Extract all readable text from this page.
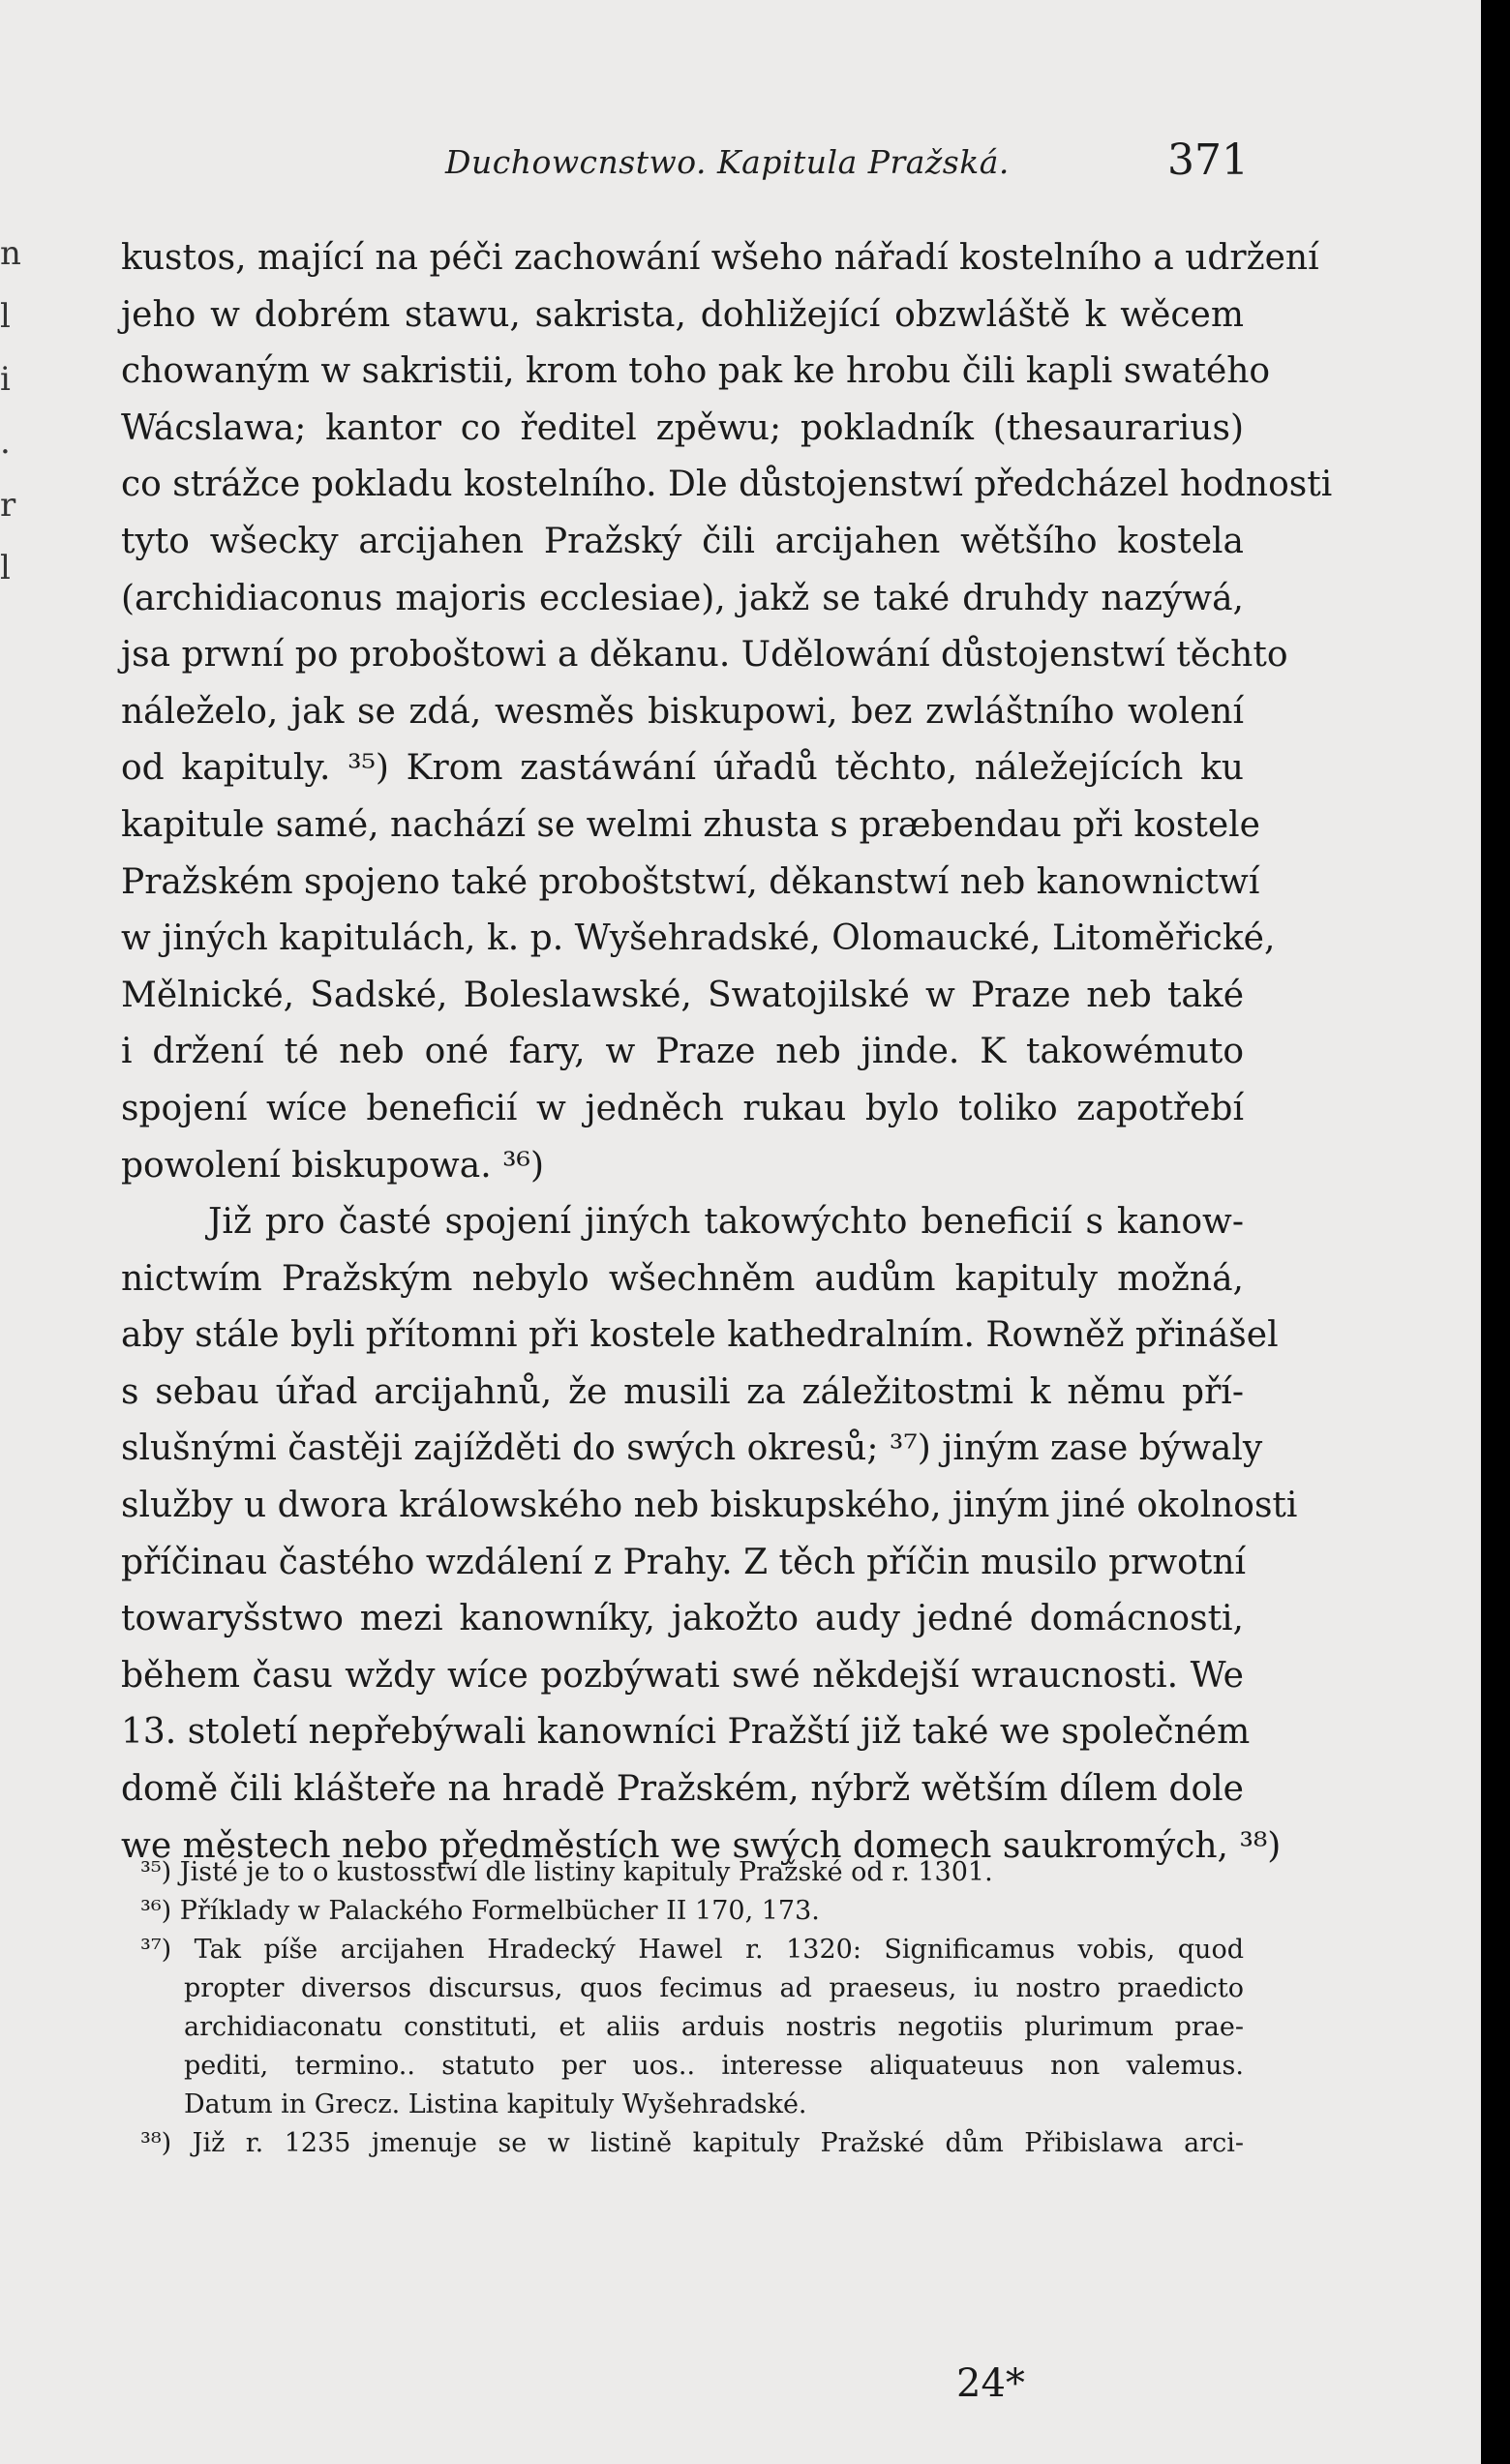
n
l
i
.
r
l
Duchowcnstwo. Kapitula Pražská.	371
kustos, mající na péči zachowání wšeho nářadí kostelního a udržení
jeho w dobrém stawu, sakrista, dohližející obzwláště k wěcem
chowaným w sakristii, krom toho pak ke hrobu čili kapli swatého
Wácslawa; kantor co ředitel zpěwu; pokladník (thesaurarius)
co strážce pokladu kostelního. Dle důstojenstwí předcházel hodnosti
tyto wšecky arcijahen Pražský čili arcijahen wětšího kostela
(archidiaconus majoris ecclesiae), jakž se také druhdy nazýwá,
jsa prwní po proboštowi a děkanu. Udělowání důstojenstwí těchto
náleželo, jak se zdá, wesměs biskupowi, bez zwláštního wolení
od kapituly. ³⁵) Krom zastáwání úřadů těchto, náležejících ku
kapitule samé, nachází se welmi zhusta s præbendau při kostele
Pražském spojeno také proboštstwí, děkanstwí neb kanownictwí
w jiných kapitulách, k. p. Wyšehradské, Olomaucké, Litoměřické,
Mělnické, Sadské, Boleslawské, Swatojilské w Praze neb také
i držení té neb oné fary, w Praze neb jinde. K takowémuto
spojení wíce beneficií w jedněch rukau bylo toliko zapotřebí
powolení biskupowa. ³⁶)
Již pro časté spojení jiných takowýchto beneficií s kanow-
nictwím Pražským nebylo wšechněm audům kapituly možná,
aby stále byli přítomni při kostele kathedralním. Rowněž přinášel
s sebau úřad arcijahnů, že musili za záležitostmi k němu pří-
slušnými častěji zajížděti do swých okresů; ³⁷) jiným zase býwaly
služby u dwora králowského neb biskupského, jiným jiné okolnosti
příčinau častého wzdálení z Prahy. Z těch příčin musilo prwotní
towaryšstwo mezi kanowníky, jakožto audy jedné domácnosti,
během času wždy wíce pozbýwati swé někdejší wraucnosti. We
13. století nepřebýwali kanowníci Pražští již také we společném
domě čili klášteře na hradě Pražském, nýbrž wětším dílem dole
we městech nebo předměstích we swých domech saukromých, ³⁸)
³⁵) Jisté je to o kustosstwí dle listiny kapituly Pražské od r. 1301.
³⁶) Příklady w Palackého Formelbücher II 170, 173.
³⁷) Tak píše arcijahen Hradecký Hawel r. 1320: Significamus vobis, quod
propter diversos discursus, quos fecimus ad praeseus, iu nostro praedicto
archidiaconatu constituti, et aliis arduis nostris negotiis plurimum prae-
pediti, termino.. statuto per uos.. interesse aliquateuus non valemus.
Datum in Grecz. Listina kapituly Wyšehradské.
³⁸) Již r. 1235 jmenuje se w listině kapituly Pražské dům Přibislawa arci-
24*
